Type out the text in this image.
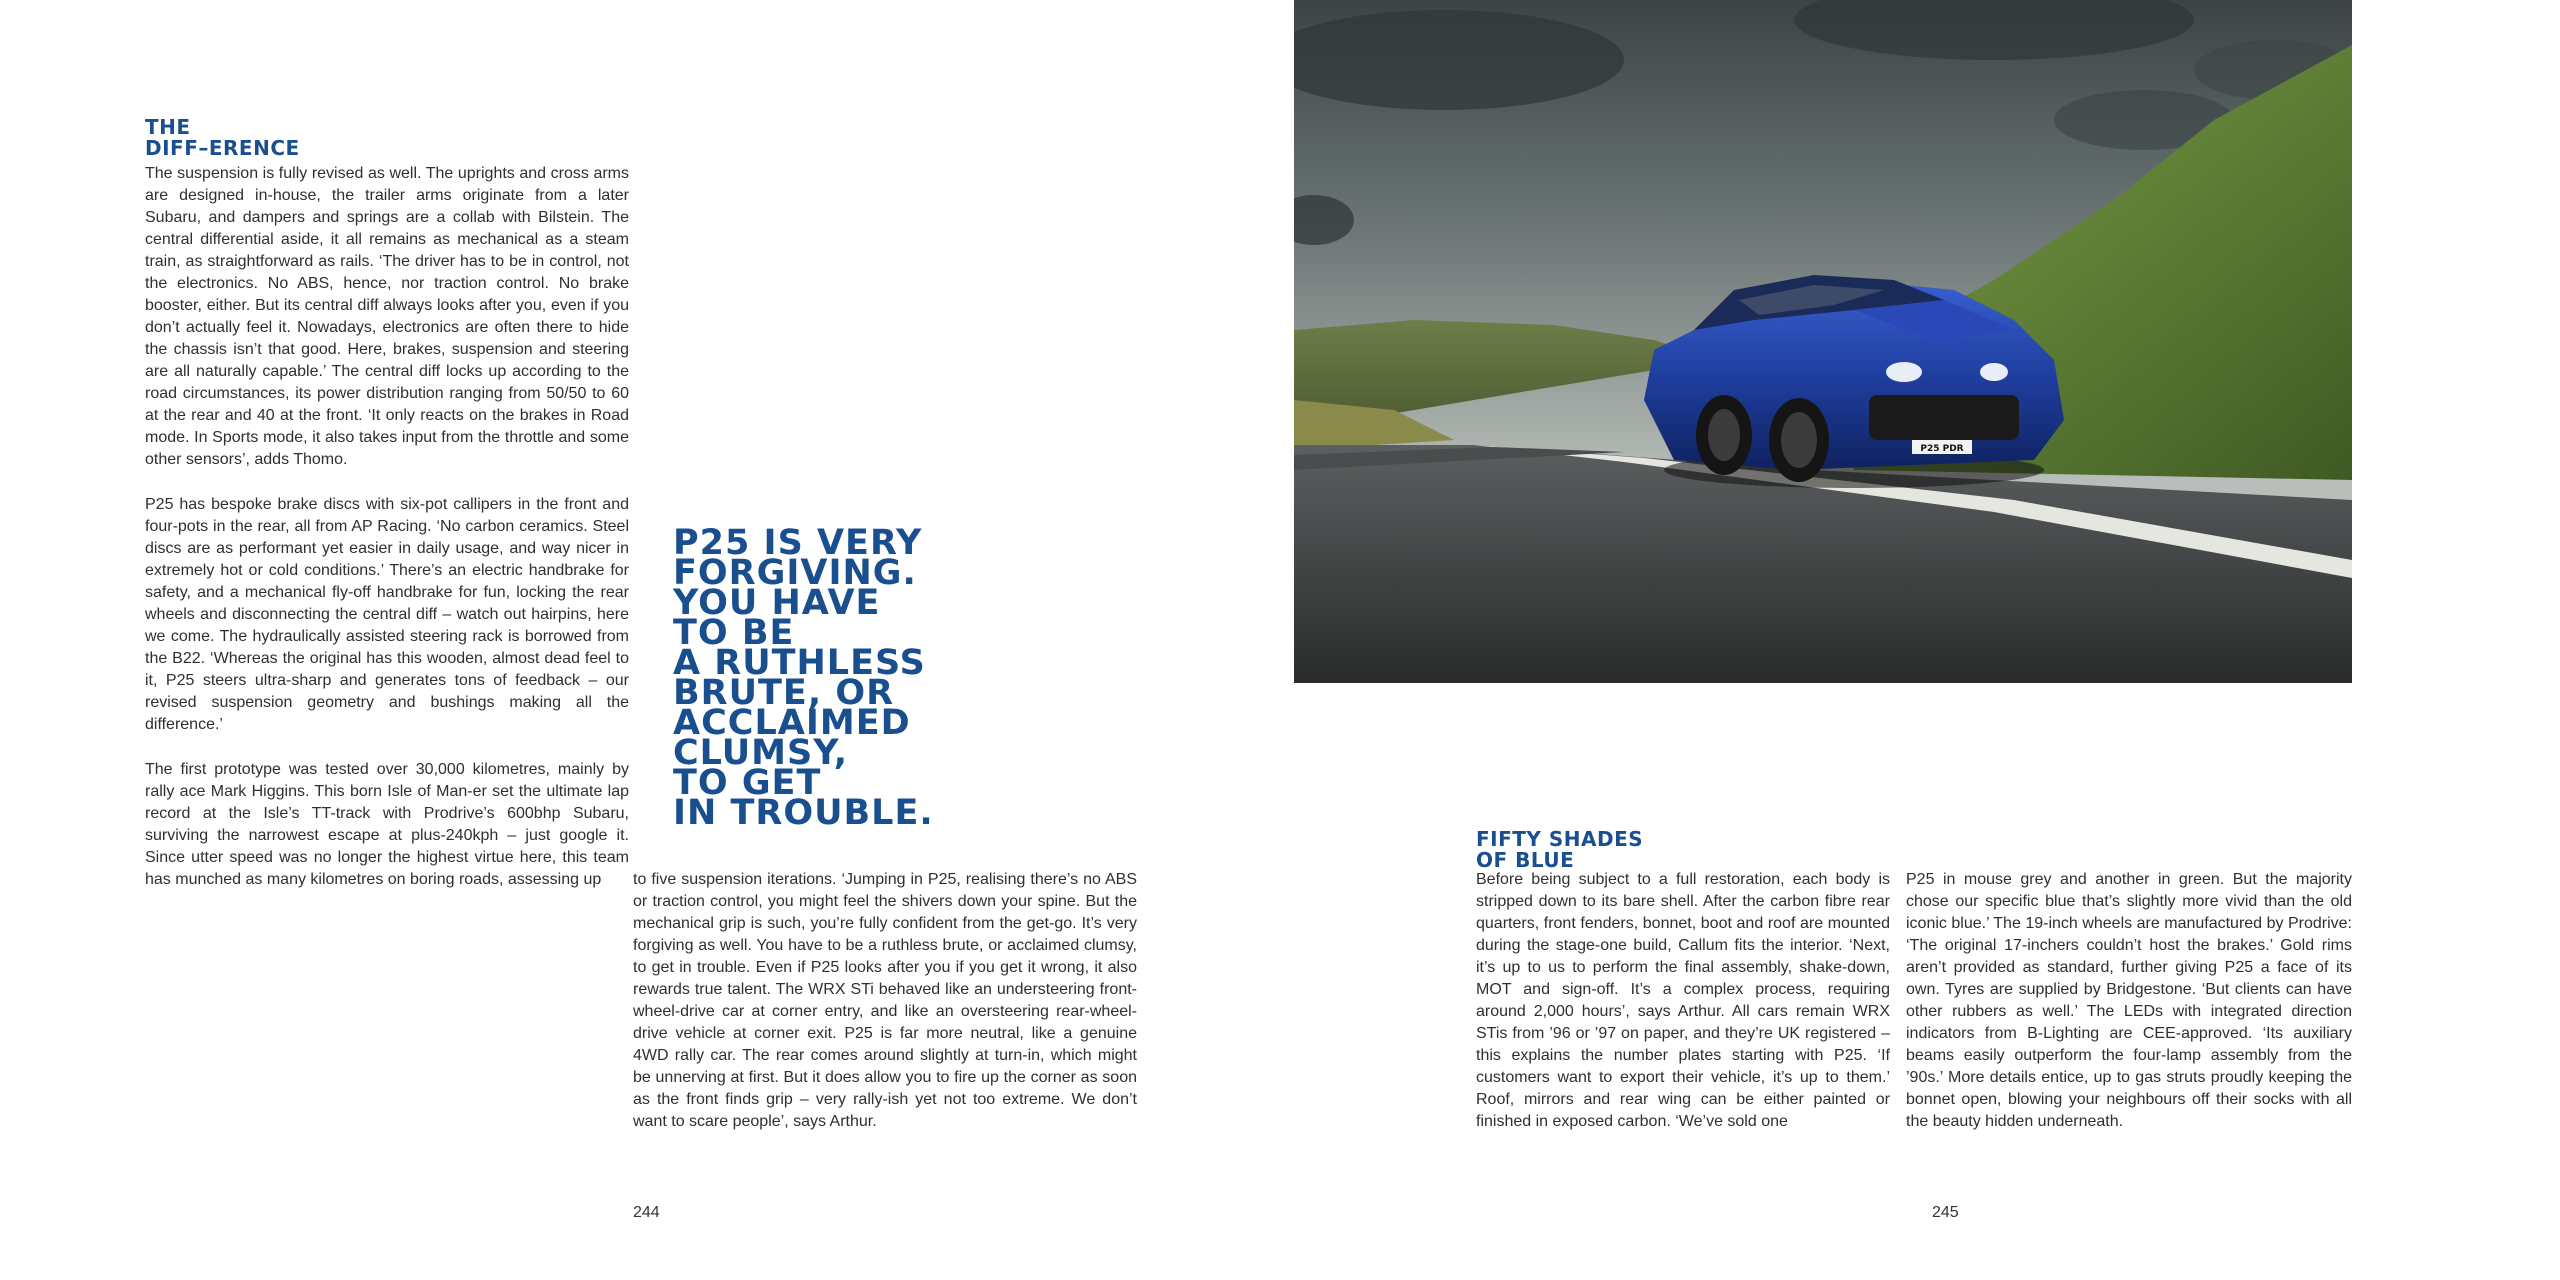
THE
DIFF–ERENCE

The suspension is fully revised as well. The uprights and cross arms are designed in-house, the trailer arms originate from a later Subaru, and dampers and springs are a collab with Bilstein. The central differential aside, it all remains as mechanical as a steam train, as straightforward as rails. ‘The driver has to be in control, not the electronics. No ABS, hence, nor traction control. No brake booster, either. But its central diff always looks after you, even if you don’t actually feel it. Nowadays, electronics are often there to hide the chassis isn’t that good. Here, brakes, suspension and steering are all naturally capable.’ The central diff locks up according to the road circumstances, its power distribution ranging from 50/50 to 60 at the rear and 40 at the front. ‘It only reacts on the brakes in Road mode. In Sports mode, it also takes input from the throttle and some other sensors’, adds Thomo.

P25 has bespoke brake discs with six-pot callipers in the front and four-pots in the rear, all from AP Racing. ‘No carbon ceramics. Steel discs are as performant yet easier in daily usage, and way nicer in extremely hot or cold conditions.’ There’s an electric handbrake for safety, and a mechanical fly-off handbrake for fun, locking the rear wheels and disconnecting the central diff – watch out hairpins, here we come. The hydraulically assisted steering rack is borrowed from the B22. ‘Whereas the original has this wooden, almost dead feel to it, P25 steers ultra-sharp and generates tons of feedback – our revised suspension geometry and bushings making all the difference.’

The first prototype was tested over 30,000 kilometres, mainly by rally ace Mark Higgins. This born Isle of Man-er set the ultimate lap record at the Isle’s TT-track with Prodrive’s 600bhp Subaru, surviving the narrowest escape at plus-240kph – just google it. Since utter speed was no longer the highest virtue here, this team has munched as many kilometres on boring roads, assessing up	to five suspension iterations. ‘Jumping in P25, realising there’s no ABS or traction control, you might feel the shivers down your spine. But the mechanical grip is such, you’re fully confident from the get-go. It’s very forgiving as well. You have to be a ruthless brute, or acclaimed clumsy, to get in trouble. Even if P25 looks after you if you get it wrong, it also rewards true talent. The WRX STi behaved like an understeering front-wheel-drive car at corner entry, and like an oversteering rear-wheel-drive vehicle at corner exit. P25 is far more neutral, like a genuine 4WD rally car. The rear comes around slightly at turn-in, which might be unnerving at first. But it does allow you to fire up the corner as soon as the front finds grip – very rally-ish yet not too extreme. We don’t want to scare people’, says Arthur.

P25 IS VERY
FORGIVING.
YOU HAVE
TO BE
A RUTHLESS
BRUTE, OR
ACCLAIMED
CLUMSY,
TO GET
IN TROUBLE.
244
P25 PDR
FIFTY SHADES
OF BLUE

Before being subject to a full restoration, each body is stripped down to its bare shell. After the carbon fibre rear quarters, front fenders, bonnet, boot and roof are mounted during the stage-one build, Callum fits the interior. ‘Next, it’s up to us to perform the final assembly, shake-down, MOT and sign-off. It’s a complex process, requiring around 2,000 hours’, says Arthur. All cars remain WRX STis from ’96 or ’97 on paper, and they’re UK registered – this explains the number plates starting with P25. ‘If customers want to export their vehicle, it’s up to them.’ Roof, mirrors and rear wing can be either painted or finished in exposed carbon. ‘We’ve sold one

P25 in mouse grey and another in green. But the majority chose our specific blue that’s slightly more vivid than the old iconic blue.’ The 19-inch wheels are manufactured by Prodrive: ‘The original 17-inchers couldn’t host the brakes.’ Gold rims aren’t provided as standard, further giving P25 a face of its own. Tyres are supplied by Bridgestone. ‘But clients can have other rubbers as well.’ The LEDs with integrated direction indicators from B-Lighting are CEE-approved. ‘Its auxiliary beams easily outperform the four-lamp assembly from the ’90s.’ More details entice, up to gas struts proudly keeping the bonnet open, blowing your neighbours off their socks with all the beauty hidden underneath.

245
